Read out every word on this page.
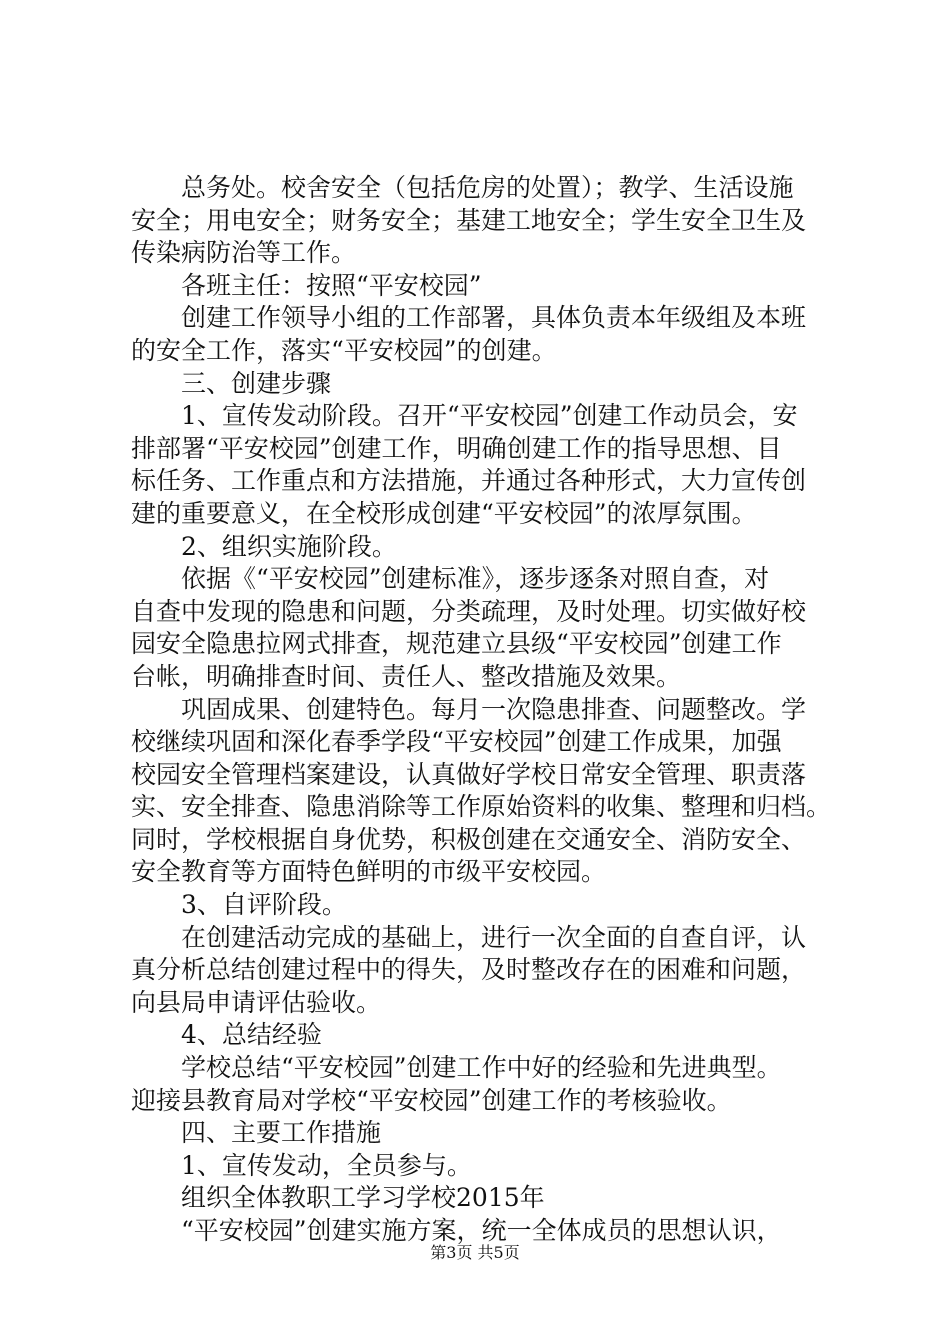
总务处。校舍安全（包括危房的处置）；教学、生活设施
安全；用电安全；财务安全；基建工地安全；学生安全卫生及
传染病防治等工作。
各班主任：按照“平安校园”
创建工作领导小组的工作部署，具体负责本年级组及本班
的安全工作，落实“平安校园”的创建。
三、创建步骤
1、宣传发动阶段。召开“平安校园”创建工作动员会，安
排部署“平安校园”创建工作，明确创建工作的指导思想、目
标任务、工作重点和方法措施，并通过各种形式，大力宣传创
建的重要意义，在全校形成创建“平安校园”的浓厚氛围。
2、组织实施阶段。
依据《“平安校园”创建标准》，逐步逐条对照自查，对
自查中发现的隐患和问题，分类疏理，及时处理。切实做好校
园安全隐患拉网式排查，规范建立县级“平安校园”创建工作
台帐，明确排查时间、责任人、整改措施及效果。
巩固成果、创建特色。每月一次隐患排查、问题整改。学
校继续巩固和深化春季学段“平安校园”创建工作成果，加强
校园安全管理档案建设，认真做好学校日常安全管理、职责落
实、安全排查、隐患消除等工作原始资料的收集、整理和归档。
同时，学校根据自身优势，积极创建在交通安全、消防安全、
安全教育等方面特色鲜明的市级平安校园。
3、自评阶段。
在创建活动完成的基础上，进行一次全面的自查自评，认
真分析总结创建过程中的得失，及时整改存在的困难和问题，
向县局申请评估验收。
4、总结经验
学校总结“平安校园”创建工作中好的经验和先进典型。
迎接县教育局对学校“平安校园”创建工作的考核验收。
四、主要工作措施
1、宣传发动，全员参与。
组织全体教职工学习学校2015年
“平安校园”创建实施方案，统一全体成员的思想认识，
第3页 共5页
